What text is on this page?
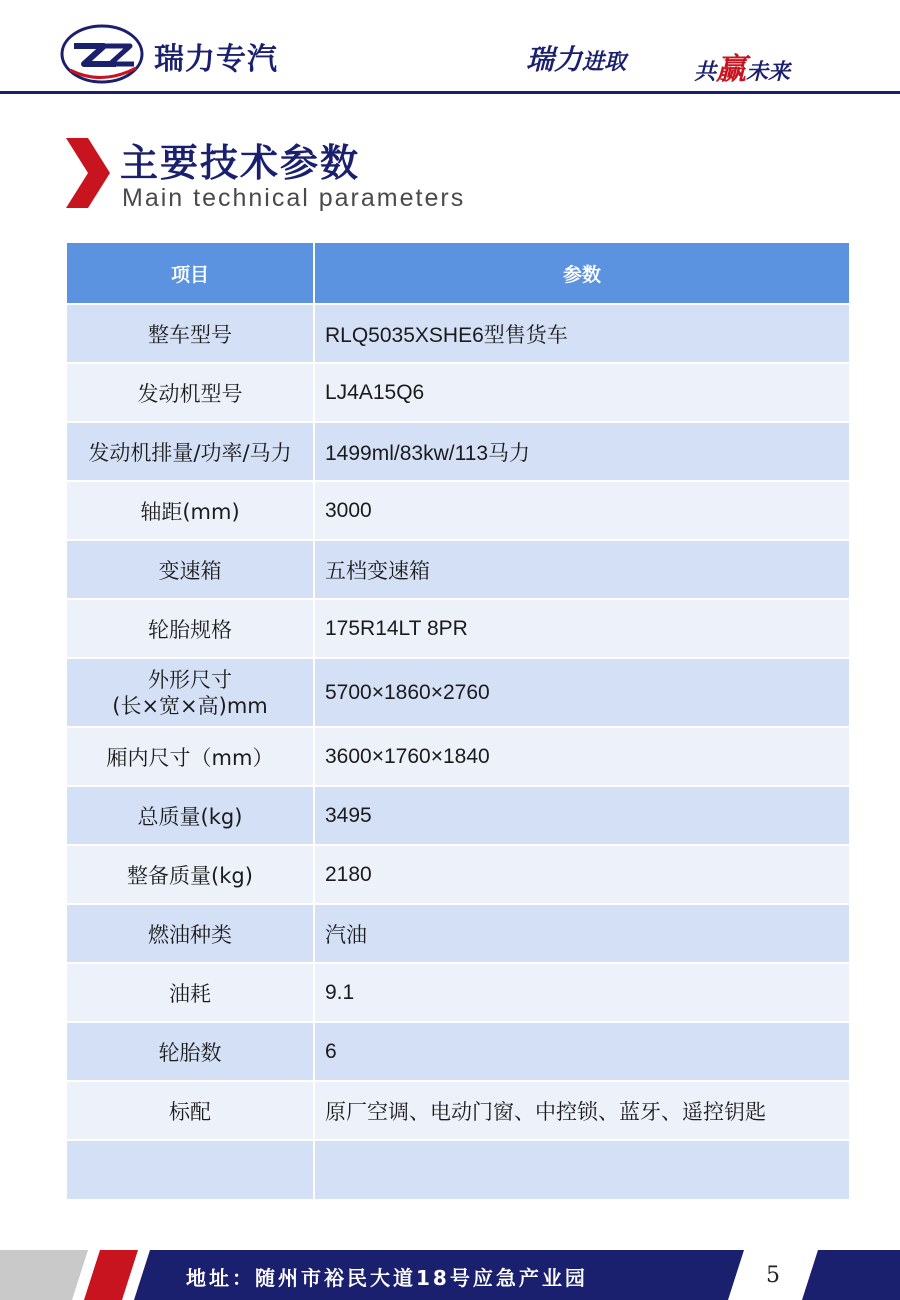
瑞力专汽	瑞力进取	共赢未来
主要技术参数
Main technical parameters
项目	参数
整车型号	RLQ5035XSHE6型售货车
发动机型号	LJ4A15Q6
发动机排量/功率/马力	1499ml/83kw/113马力
轴距(mm)	3000
变速箱	五档变速箱
轮胎规格	175R14LT 8PR

外形尺寸
(长×宽×高)mm	5700×1860×2760
厢内尺寸（mm）	3600×1760×1840
总质量(kg)	3495
整备质量(kg)	2180
燃油种类	汽油
油耗	9.1
轮胎数	6
标配	原厂空调、电动门窗、中控锁、蓝牙、遥控钥匙

地址：随州市裕民大道18号应急产业园	5
